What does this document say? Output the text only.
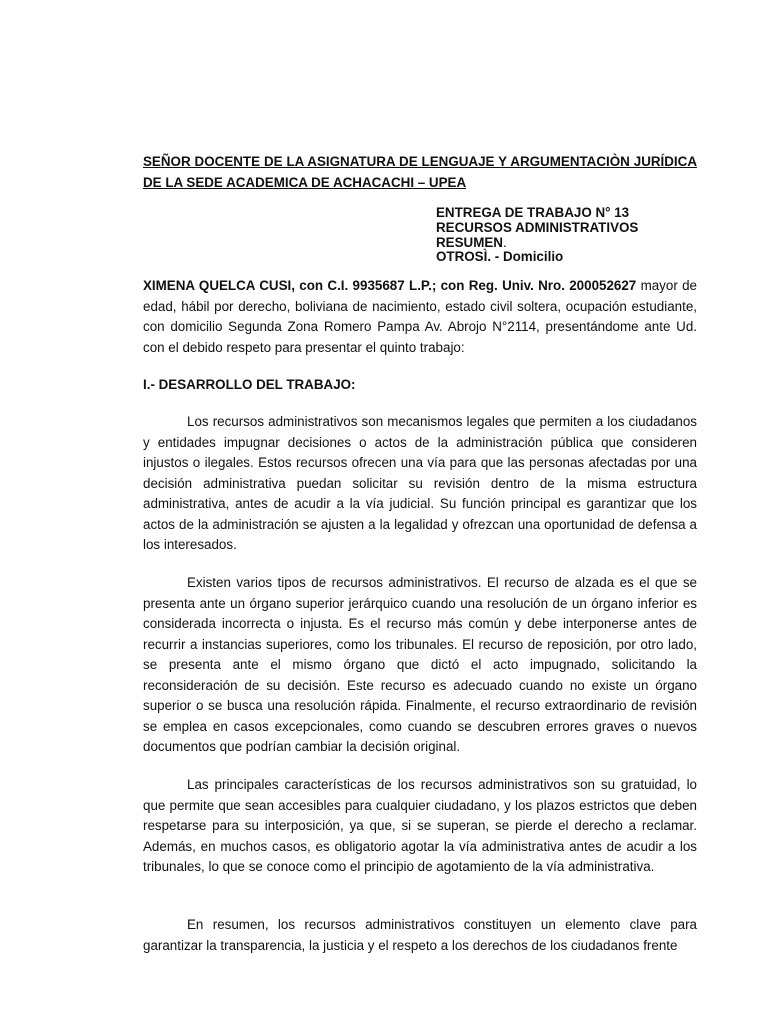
SEÑOR DOCENTE DE LA ASIGNATURA DE LENGUAJE Y ARGUMENTACIÒN JURÍDICA DE LA SEDE ACADEMICA DE ACHACACHI – UPEA

ENTREGA DE TRABAJO N° 13
RECURSOS ADMINISTRATIVOS
RESUMEN.
OTROSÌ. - Domicilio

XIMENA QUELCA CUSI, con C.I. 9935687 L.P.; con Reg. Univ. Nro. 200052627 mayor de edad, hábil por derecho, boliviana de nacimiento, estado civil soltera, ocupación estudiante, con domicilio Segunda Zona Romero Pampa Av. Abrojo N°2114, presentándome ante Ud. con el debido respeto para presentar el quinto trabajo:

I.- DESARROLLO DEL TRABAJO:

Los recursos administrativos son mecanismos legales que permiten a los ciudadanos y entidades impugnar decisiones o actos de la administración pública que consideren injustos o ilegales. Estos recursos ofrecen una vía para que las personas afectadas por una decisión administrativa puedan solicitar su revisión dentro de la misma estructura administrativa, antes de acudir a la vía judicial. Su función principal es garantizar que los actos de la administración se ajusten a la legalidad y ofrezcan una oportunidad de defensa a los interesados.

Existen varios tipos de recursos administrativos. El recurso de alzada es el que se presenta ante un órgano superior jerárquico cuando una resolución de un órgano inferior es considerada incorrecta o injusta. Es el recurso más común y debe interponerse antes de recurrir a instancias superiores, como los tribunales. El recurso de reposición, por otro lado, se presenta ante el mismo órgano que dictó el acto impugnado, solicitando la reconsideración de su decisión. Este recurso es adecuado cuando no existe un órgano superior o se busca una resolución rápida. Finalmente, el recurso extraordinario de revisión se emplea en casos excepcionales, como cuando se descubren errores graves o nuevos documentos que podrían cambiar la decisión original.

Las principales características de los recursos administrativos son su gratuidad, lo que permite que sean accesibles para cualquier ciudadano, y los plazos estrictos que deben respetarse para su interposición, ya que, si se superan, se pierde el derecho a reclamar. Además, en muchos casos, es obligatorio agotar la vía administrativa antes de acudir a los tribunales, lo que se conoce como el principio de agotamiento de la vía administrativa.

En resumen, los recursos administrativos constituyen un elemento clave para garantizar la transparencia, la justicia y el respeto a los derechos de los ciudadanos frente
